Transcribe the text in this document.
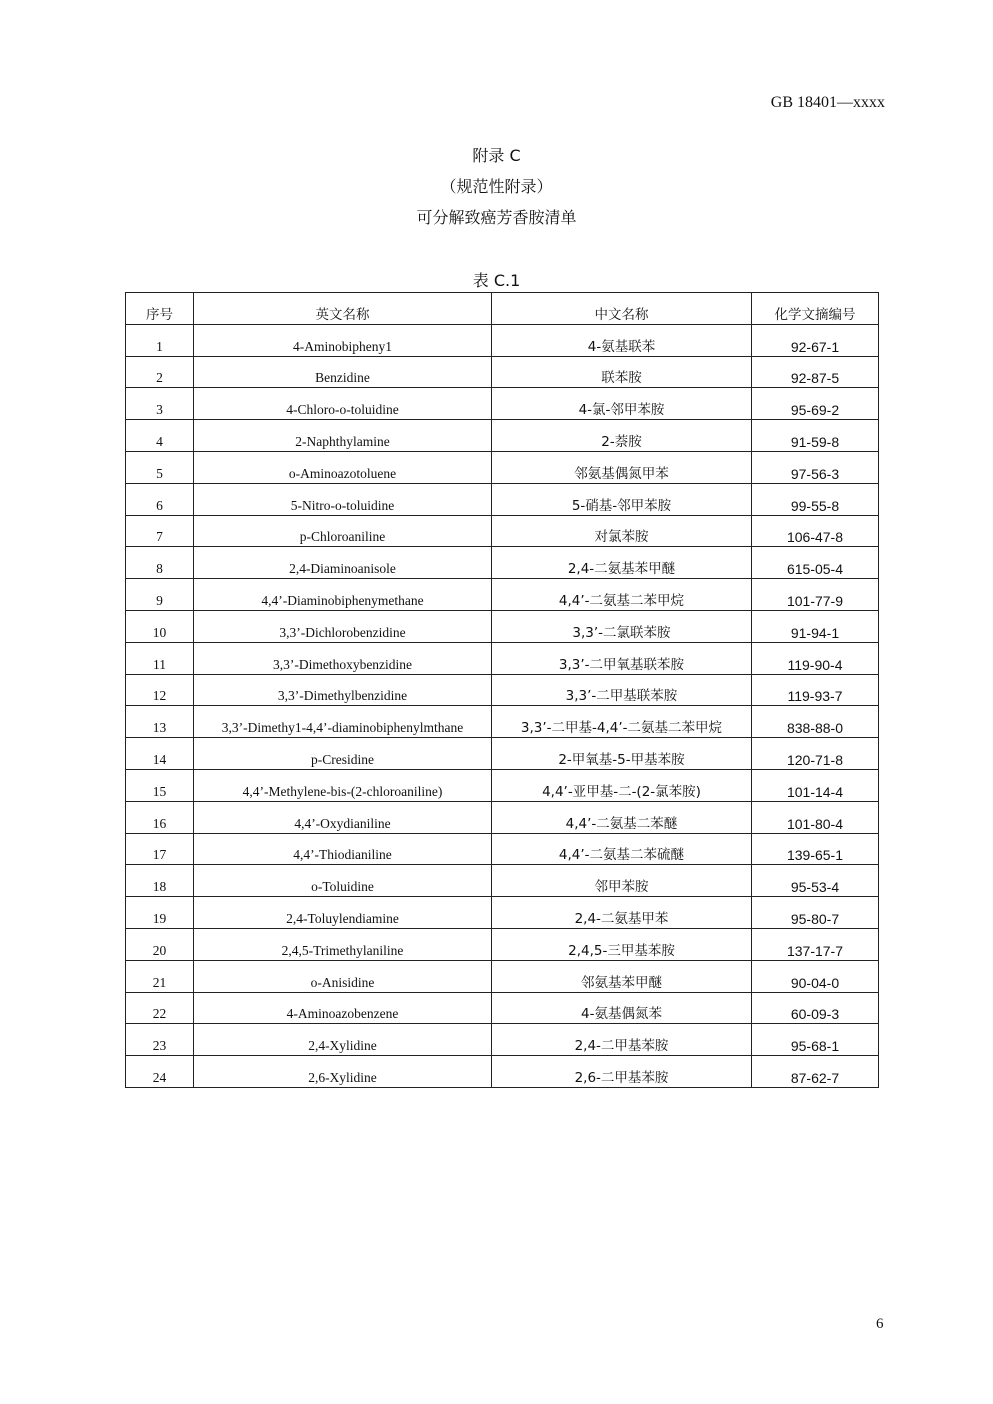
GB 18401—xxxx
附录 C
（规范性附录）
可分解致癌芳香胺清单
表 C.1
序号	英文名称	中文名称	化学文摘编号
1	4-Aminobipheny1	4-氨基联苯	92-67-1
2	Benzidine	联苯胺	92-87-5
3	4-Chloro-o-toluidine	4-氯-邻甲苯胺	95-69-2
4	2-Naphthylamine	2-萘胺	91-59-8
5	o-Aminoazotoluene	邻氨基偶氮甲苯	97-56-3
6	5-Nitro-o-toluidine	5-硝基-邻甲苯胺	99-55-8
7	p-Chloroaniline	对氯苯胺	106-47-8
8	2,4-Diaminoanisole	2,4-二氨基苯甲醚	615-05-4
9	4,4’-Diaminobiphenymethane	4,4’-二氨基二苯甲烷	101-77-9
10	3,3’-Dichlorobenzidine	3,3’-二氯联苯胺	91-94-1
11	3,3’-Dimethoxybenzidine	3,3’-二甲氧基联苯胺	119-90-4
12	3,3’-Dimethylbenzidine	3,3’-二甲基联苯胺	119-93-7
13	3,3’-Dimethy1-4,4’-diaminobiphenylmthane	3,3’-二甲基-4,4’-二氨基二苯甲烷	838-88-0
14	p-Cresidine	2-甲氧基-5-甲基苯胺	120-71-8
15	4,4’-Methylene-bis-(2-chloroaniline)	4,4’-亚甲基-二-(2-氯苯胺)	101-14-4
16	4,4’-Oxydianiline	4,4’-二氨基二苯醚	101-80-4
17	4,4’-Thiodianiline	4,4’-二氨基二苯硫醚	139-65-1
18	o-Toluidine	邻甲苯胺	95-53-4
19	2,4-Toluylendiamine	2,4-二氨基甲苯	95-80-7
20	2,4,5-Trimethylaniline	2,4,5-三甲基苯胺	137-17-7
21	o-Anisidine	邻氨基苯甲醚	90-04-0
22	4-Aminoazobenzene	4-氨基偶氮苯	60-09-3
23	2,4-Xylidine	2,4-二甲基苯胺	95-68-1
24	2,6-Xylidine	2,6-二甲基苯胺	87-62-7
6
